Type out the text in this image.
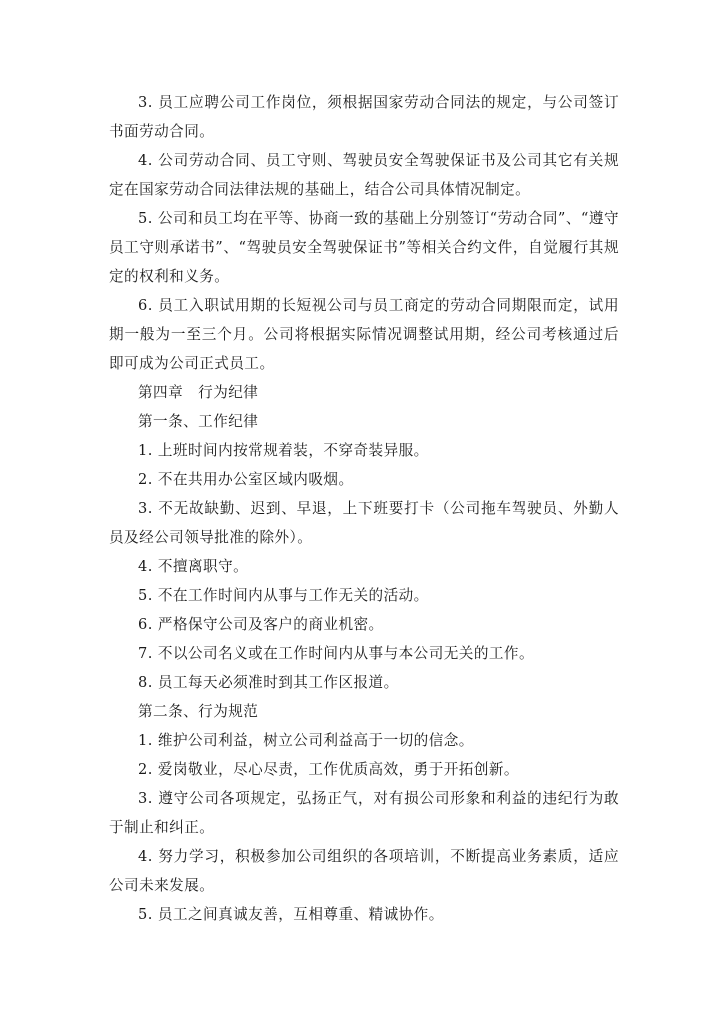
3. 员工应聘公司工作岗位，须根据国家劳动合同法的规定，与公司签订书面劳动合同。

4. 公司劳动合同、员工守则、驾驶员安全驾驶保证书及公司其它有关规定在国家劳动合同法律法规的基础上，结合公司具体情况制定。

5. 公司和员工均在平等、协商一致的基础上分别签订“劳动合同”、“遵守员工守则承诺书”、“驾驶员安全驾驶保证书”等相关合约文件，自觉履行其规定的权利和义务。

6. 员工入职试用期的长短视公司与员工商定的劳动合同期限而定，试用期一般为一至三个月。公司将根据实际情况调整试用期，经公司考核通过后即可成为公司正式员工。

第四章　行为纪律

第一条、工作纪律

1. 上班时间内按常规着装，不穿奇装异服。

2. 不在共用办公室区域内吸烟。

3. 不无故缺勤、迟到、早退，上下班要打卡（公司拖车驾驶员、外勤人员及经公司领导批准的除外）。

4. 不擅离职守。

5. 不在工作时间内从事与工作无关的活动。

6. 严格保守公司及客户的商业机密。

7. 不以公司名义或在工作时间内从事与本公司无关的工作。

8. 员工每天必须准时到其工作区报道。

第二条、行为规范

1. 维护公司利益，树立公司利益高于一切的信念。

2. 爱岗敬业，尽心尽责，工作优质高效，勇于开拓创新。

3. 遵守公司各项规定，弘扬正气，对有损公司形象和利益的违纪行为敢于制止和纠正。

4. 努力学习，积极参加公司组织的各项培训，不断提高业务素质，适应公司未来发展。

5. 员工之间真诚友善，互相尊重、精诚协作。
